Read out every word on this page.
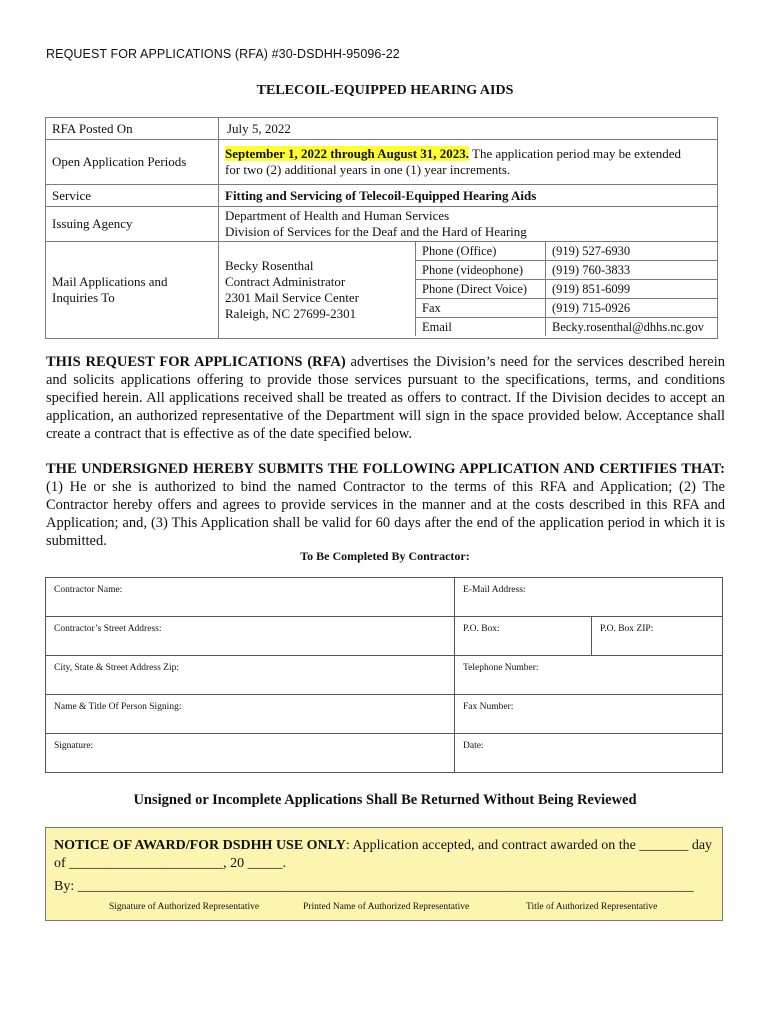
REQUEST FOR APPLICATIONS (RFA) #30-DSDHH-95096-22
TELECOIL-EQUIPPED HEARING AIDS
RFA Posted On	July 5, 2022
Open Application Periods	September 1, 2022 through August 31, 2023. The application period may be extended
for two (2) additional years in one (1) year increments.
Service	Fitting and Servicing of Telecoil-Equipped Hearing Aids
Issuing Agency	Department of Health and Human Services
Division of Services for the Deaf and the Hard of Hearing
Mail Applications and
Inquiries To	
Becky Rosenthal
Contract Administrator
2301 Mail Service Center
Raleigh, NC 27699-2301	
Phone (Office)	(919) 527-6930
Phone (videophone)	(919) 760-3833
Phone (Direct Voice)	(919) 851-6099
Fax	(919) 715-0926
Email	Becky.rosenthal@dhhs.nc.gov
THIS REQUEST FOR APPLICATIONS (RFA) advertises the Division’s need for the services described herein and solicits applications offering to provide those services pursuant to the specifications, terms, and conditions specified herein. All applications received shall be treated as offers to contract. If the Division decides to accept an application, an authorized representative of the Department will sign in the space provided below. Acceptance shall create a contract that is effective as of the date specified below.
THE UNDERSIGNED HEREBY SUBMITS THE FOLLOWING APPLICATION AND CERTIFIES THAT: (1) He or she is authorized to bind the named Contractor to the terms of this RFA and Application; (2) The Contractor hereby offers and agrees to provide services in the manner and at the costs described in this RFA and Application; and, (3) This Application shall be valid for 60 days after the end of the application period in which it is submitted.
To Be Completed By Contractor:
Contractor Name:	E-Mail Address:	
Contractor’s Street Address:	P.O. Box:	P.O. Box ZIP:
City, State & Street Address Zip:	Telephone Number:	
Name & Title Of Person Signing:	Fax Number:	
Signature:	Date:	
Unsigned or Incomplete Applications Shall Be Returned Without Being Reviewed
NOTICE OF AWARD/FOR DSDHH USE ONLY: Application accepted, and contract awarded on the _______ day of ______________________, 20 _____.
By: ________________________________________________________________________________________
Signature of Authorized Representative	Printed Name of Authorized Representative	Title of Authorized Representative
